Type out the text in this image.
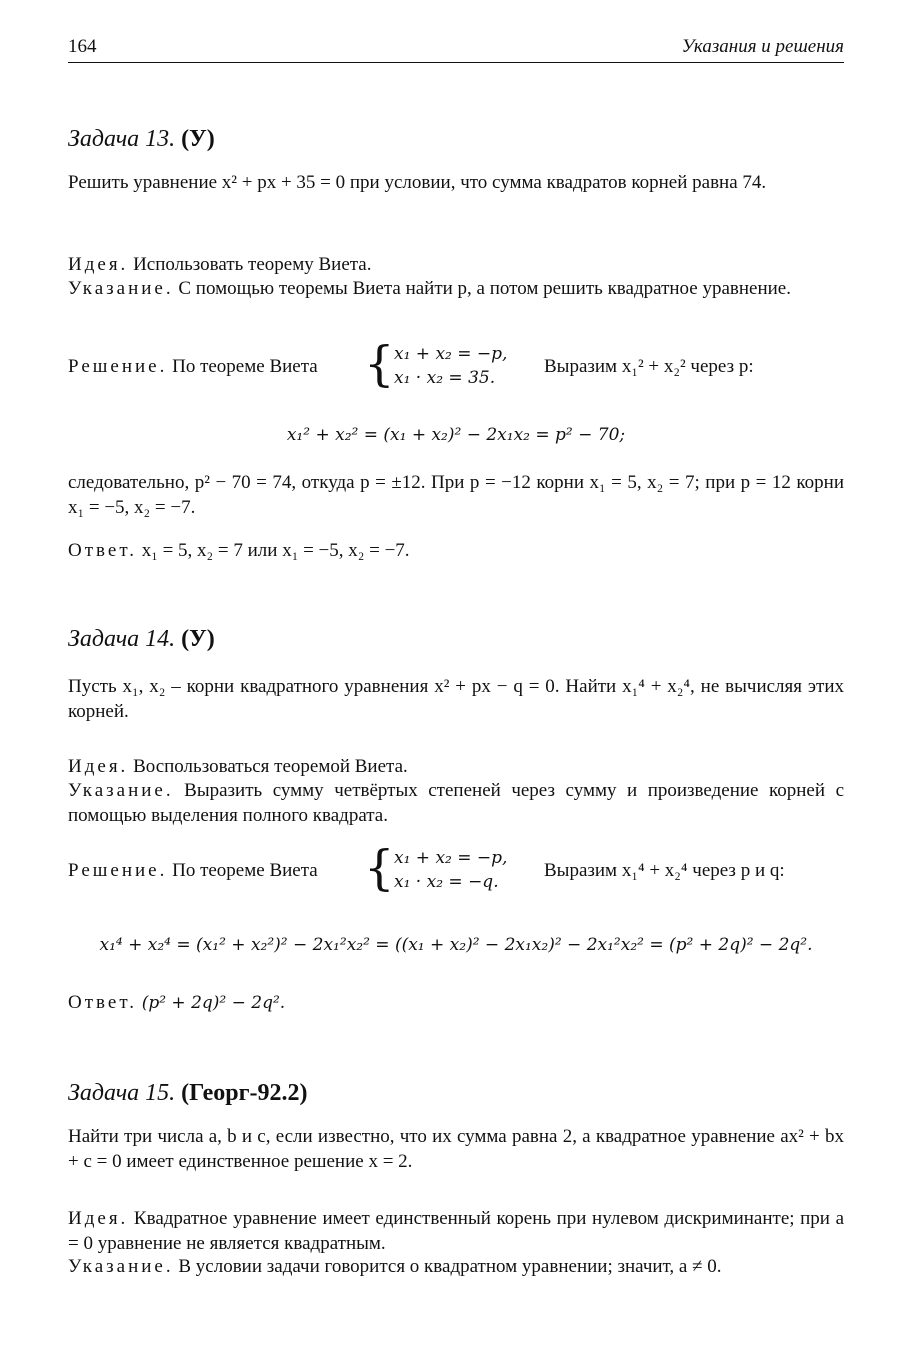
164	Указания и решения
Задача 13. (У)
Решить уравнение x² + px + 35 = 0 при условии, что сумма квадратов корней равна 74.
Идея. Использовать теорему Виета.
Указание. С помощью теоремы Виета найти p, а потом решить квадратное уравнение.
Решение. По теореме Виета { x₁ + x₂ = −p,
x₁ · x₂ = 35.
Выразим x₁² + x₂² через p:
x₁² + x₂² = (x₁ + x₂)² − 2x₁x₂ = p² − 70;
следовательно, p² − 70 = 74, откуда p = ±12. При p = −12 корни x₁ = 5, x₂ = 7; при p = 12 корни x₁ = −5, x₂ = −7.
Ответ. x₁ = 5, x₂ = 7 или x₁ = −5, x₂ = −7.
Задача 14. (У)
Пусть x₁, x₂ – корни квадратного уравнения x² + px − q = 0. Найти x₁⁴ + x₂⁴, не вычисляя этих корней.
Идея. Воспользоваться теоремой Виета.
Указание. Выразить сумму четвёртых степеней через сумму и произведение корней с помощью выделения полного квадрата.
Решение. По теореме Виета { x₁ + x₂ = −p,
x₁ · x₂ = −q.
Выразим x₁⁴ + x₂⁴ через p и q:
x₁⁴ + x₂⁴ = (x₁² + x₂²)² − 2x₁²x₂² = ((x₁ + x₂)² − 2x₁x₂)² − 2x₁²x₂² = (p² + 2q)² − 2q².
Ответ. (p² + 2q)² − 2q².
Задача 15. (Георг-92.2)
Найти три числа a, b и c, если известно, что их сумма равна 2, а квадратное уравнение ax² + bx + c = 0 имеет единственное решение x = 2.
Идея. Квадратное уравнение имеет единственный корень при нулевом дискриминанте; при a = 0 уравнение не является квадратным.
Указание. В условии задачи говорится о квадратном уравнении; значит, a ≠ 0.
